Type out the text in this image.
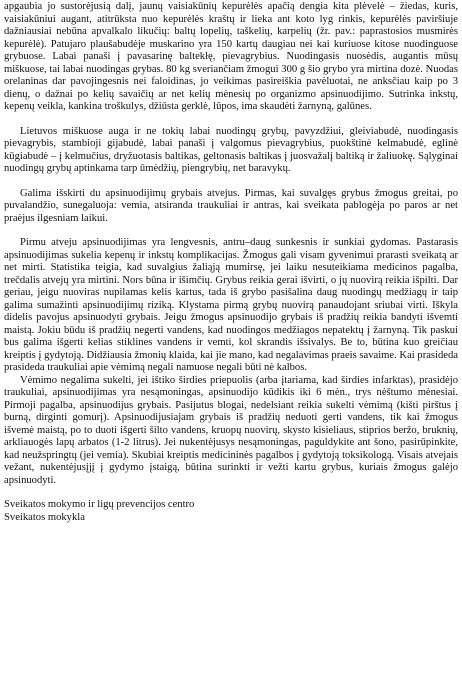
apgaubia jo sustorėjusią dalį, jaunų vaisiakūnių kepurėlės apačią dengia kita plėvelė – žiedas, kuris, vaisiakūniui augant, atitrūksta nuo kepurėlės kraštų ir lieka ant koto lyg rinkis, kepurėlės paviršiuje dažniausiai nebūna apvalkalo likučių: baltų lopelių, taškelių, karpelių (žr. pav.: paprastosios musmirės kepurėlė). Patujaro plaušabudėje muskarino yra 150 kartų daugiau nei kai kuriuose kitose nuodinguose grybuose. Labai panaši į pavasarinę baltekłę, pievagrybius. Nuodingasis nuosėdis, augantis mūsų miškuose, tai labai nuodingas grybas. 80 kg sveriančiam žmogui 300 g šio grybo yra mirtina dozė. Nuodas orelaninas dar pavojingesnis nei faloidinas, jo veikimas pasireiškia pavėluotai, ne anksčiau kaip po 3 dienų, o dažnai po kelių savaičių ar net kelių mėnesių po organizmo apsinuodijimo. Sutrinka inkstų, kepenų veikla, kankina troškulys, džiūsta gerklė, lūpos, ima skaudėti žarnyną, galūnes.

Lietuvos miškuose auga ir ne tokių labai nuodingų grybų, pavyzdžiui, gleiviabudė, nuodingasis pievagrybis, stambioji gijabudė, labai panaši į valgomus pievagrybius, puokštinė kelmabudė, eglinė kūgiabudė – į kelmučius, dryžuotasis baltikas, geltonasis baltikas į juosvažalį baltiką ir žaliuokę. Sąlyginai nuodingų grybų aptinkama tarp ūmėdžių, piengrybių, net baravykų.

Galima išskirti du apsinuodijimų grybais atvejus. Pirmas, kai suvalgęs grybus žmogus greitai, po puvalandžio, sunegaluoja: vemia, atsiranda traukuliai ir antras, kai sveikata pablogėja po paros ar net praėjus ilgesniam laikui.

Pirmu atveju apsinuodijimas yra lengvesnis, antru–daug sunkesnis ir sunkiai gydomas. Pastarasis apsinuodijimas sukelia kepenų ir inkstų komplikacijas. Žmogus gali visam gyvenimui prarasti sveikatą ar net mirti. Statistika teigia, kad suvalgius žaliąją mumirsę, jei laiku nesuteikiama medicinos pagalba, trečdalis atvejų yra mirtini. Nors būna ir išimčių. Grybus reikia gerai išvirti, o jų nuovirą reikia išpilti. Dar geriau, jeigu nuoviras nupilamas kelis kartus, tada iš grybo pasišalina daug nuodingų medžiagų ir taip galima sumažinti apsinuodijimų riziką. Klystama pirmą grybų nuovirą panaudojant sriubai virti. Iškyla didelis pavojus apsinuodyti grybais. Jeigu žmogus apsinuodijo grybais iš pradžių reikia bandyti išvemti maistą. Jokiu būdu iš pradžių negerti vandens, kad nuodingos medžiagos nepatektų į žarnyną. Tik paskui bus galima išgerti kelias stiklines vandens ir vemti, kol skrandis išsivalys. Be to, būtina kuo greičiau kreiptis į gydytoją. Didžiausia žmonių klaida, kai jie mano, kad negalavimas praeis savaime. Kai prasideda prasideda traukuliai apie vėmimą negali namuose negali būti nė kalbos.

Vėmimo negalima sukelti, jei ištiko širdies priepuolis (arba įtariama, kad širdies infarktas), prasidėjo traukuliai, apsinuodijimas yra nesąmoningas, apsinuodijo kūdikis iki 6 mėn., trys nėštumo mėnesiai. Pirmoji pagalba, apsinuodijus grybais. Pasijutus blogai, nedelsiant reikia sukelti vėmimą (kišti pirštus į burną, dirginti gomurį). Apsinuodijusiajam grybais iš pradžių neduoti gerti vandens, tik kai žmogus išvemė maistą, po to duoti išgerti šilto vandens, kruopų nuovirų, skysto kisieliaus, stiprios beržo, bruknių, arkliauogės lapų arbatos (1-2 litrus). Jei nukentėjusys nesąmoningas, paguldykite ant šono, pasirūpinkite, kad neužspringtų (jei vemia). Skubiai kreiptis medicininės pagalbos į gydytoją toksikologą. Visais atvejais vežant, nukentėjusįjį į gydymo įstaigą, būtina surinkti ir vežti kartu grybus, kuriais žmogus galėjo apsinuodyti.

Sveikatos mokymo ir ligų prevencijos centro

Sveikatos mokykla
